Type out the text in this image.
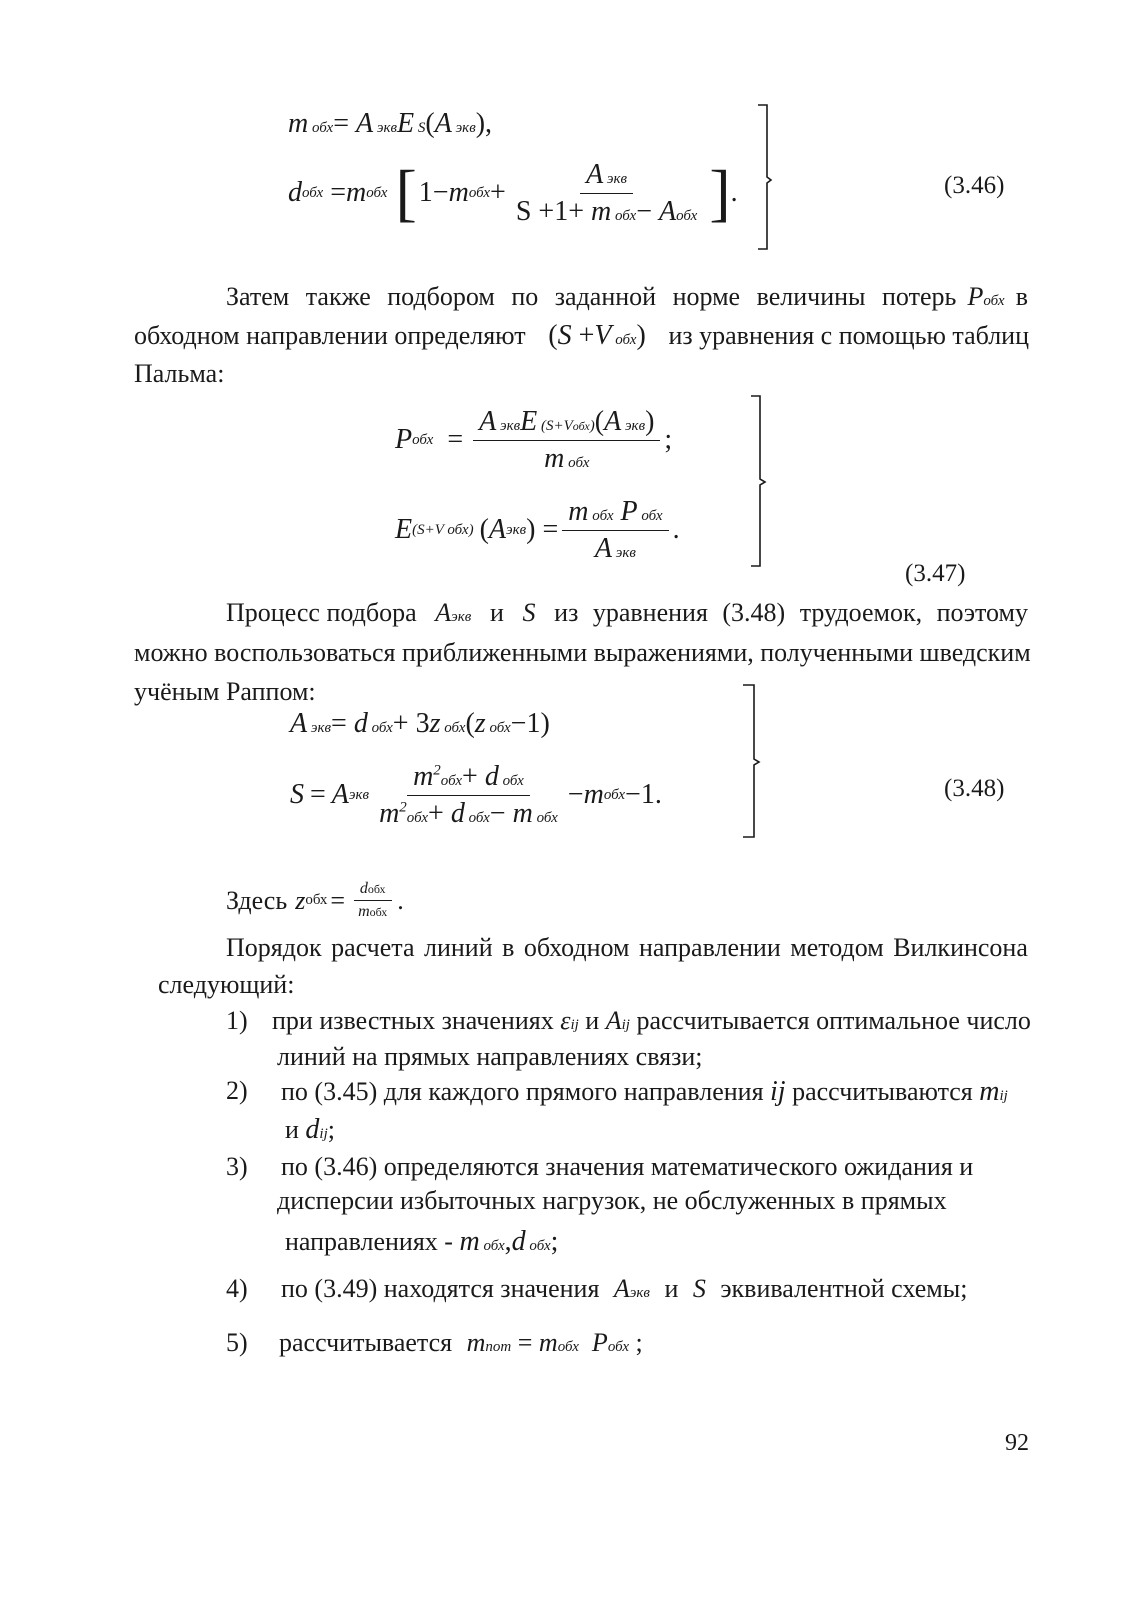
m обх= A эквE S(A экв),
d обх = m обх [ 1− m обх + $\frac{\text{A экв}}{\text{S +1+ m обх− Aобх}}$ ] .	(3.46)
Затем также подбором по заданной норме величины потерь Pобх в
обходном направлении определяют (S +V обх) из уравнения с помощью таблиц
Пальма:
P обх = $\frac{\text{A эквE (S+Vобх)(A экв)}}{\text{m обх}}$ ;
E (S+V обх) ( A экв ) = $\frac{\text{m обх P обх}}{\text{A экв}}$ .
(3.47)
Процесс подбора Aэкв и S из уравнения (3.48) трудоемок, поэтому
можно воспользоваться приближенными выражениями, полученными шведским
учёным Раппом:
A экв= d обх+ 3z обх(z обх−1)
S = A экв $\frac{m^2обх+ d обх}{m^2обх+ d обх- m обх} - m$ обх −1.	(3.48)
Здесь z обх = $\frac{\text{dобх}}{\text{mобх}}$ .
Порядок расчета линий в обходном направлении методом Вилкинсона
следующий:
1) при известных значениях εij и Aij рассчитывается оптимальное число
линий на прямых направлениях связи;
2) по (3.45) для каждого прямого направления ij рассчитываются mij
и dij;
3) по (3.46) определяются значения математического ожидания и
дисперсии избыточных нагрузок, не обслуженных в прямых
направлениях - m обх,d обх;
4) по (3.49) находятся значения Aэкв и S эквивалентной схемы;
5) рассчитывается mпот = mобх  Pобх ;
92
